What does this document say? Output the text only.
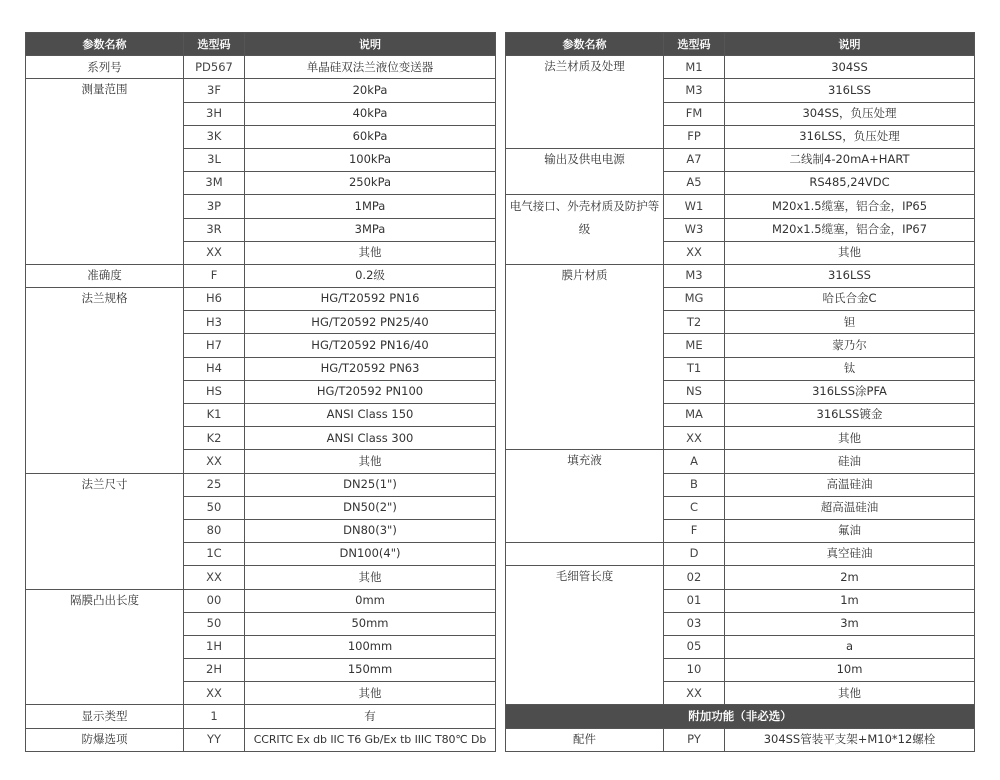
参数名称	选型码	说明
系列号	PD567	单晶硅双法兰液位变送器
测量范围	3F	20kPa
	3H	40kPa
	3K	60kPa
	3L	100kPa
	3M	250kPa
	3P	1MPa
	3R	3MPa
	XX	其他
准确度	F	0.2级
法兰规格	H6	HG/T20592 PN16
	H3	HG/T20592 PN25/40
	H7	HG/T20592 PN16/40
	H4	HG/T20592 PN63
	HS	HG/T20592 PN100
	K1	ANSI Class 150
	K2	ANSI Class 300
	XX	其他
法兰尺寸	25	DN25(1")
	50	DN50(2")
	80	DN80(3")
	1C	DN100(4")
	XX	其他
隔膜凸出长度	00	0mm
	50	50mm
	1H	100mm
	2H	150mm
	XX	其他
显示类型	1	有
防爆选项	YY	CCRITC Ex db IIC T6 Gb/Ex tb IIIC T80℃ Db
参数名称	选型码	说明
法兰材质及处理	M1	304SS
	M3	316LSS
	FM	304SS，负压处理
	FP	316LSS，负压处理
输出及供电电源	A7	二线制4-20mA+HART
	A5	RS485,24VDC
电气接口、外壳材质及防护等级	W1	M20x1.5缆塞，铝合金，IP65
	W3	M20x1.5缆塞，铝合金，IP67
	XX	其他
膜片材质	M3	316LSS
	MG	哈氏合金C
	T2	钽
	ME	蒙乃尔
	T1	钛
	NS	316LSS涂PFA
	MA	316LSS镀金
	XX	其他
填充液	A	硅油
	B	高温硅油
	C	超高温硅油
	F	氟油
	D	真空硅油
毛细管长度	02	2m
	01	1m
	03	3m
	05	a
	10	10m
	XX	其他
附加功能（非必选）		
配件	PY	304SS管装平支架+M10*12螺栓
